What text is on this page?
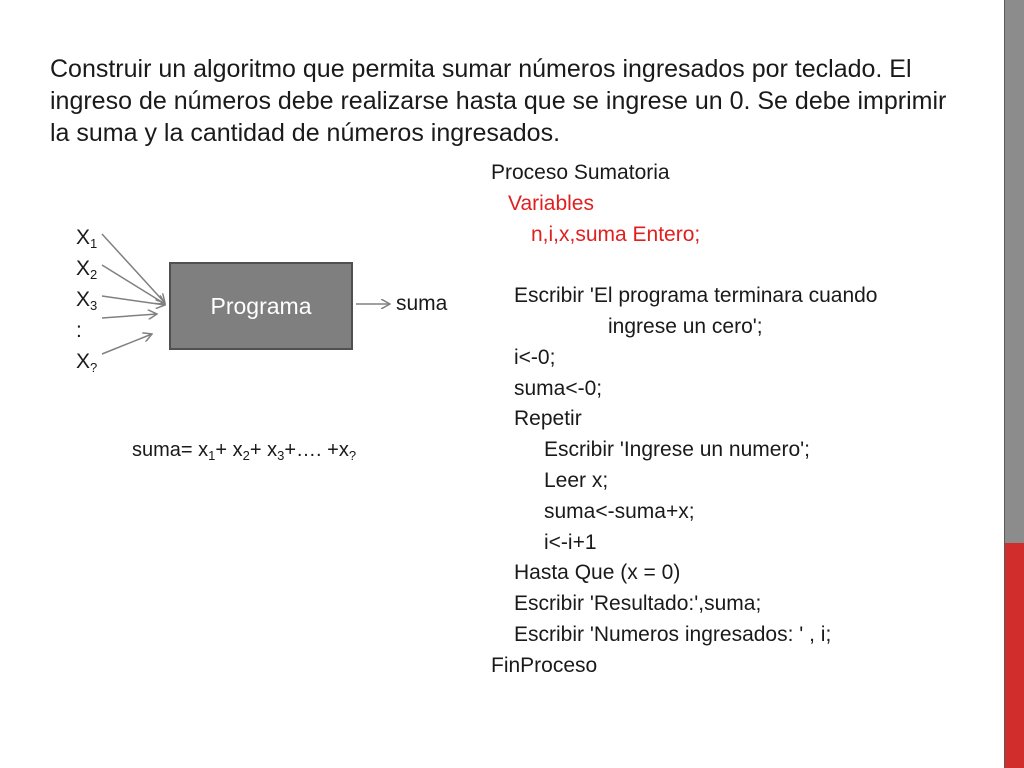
Construir un algoritmo que permita sumar números ingresados por teclado. El
ingreso de números debe realizarse hasta que se ingrese un 0. Se debe imprimir
la suma y la cantidad de números ingresados.
$X_1$
$X_2$
$X_3$
:
$X_?$
Programa	suma
suma= $x_1+ x_2+$ $x_3+\dots$. $+x_?$
Proceso Sumatoria
Variables
n,i,x,suma Entero;
Escribir 'El programa terminara cuando
ingrese un cero';
i<-0;
suma<-0;
Repetir
Escribir 'Ingrese un numero';
Leer x;
suma<-suma+x;
i<-i+1
Hasta Que (x = 0)
Escribir 'Resultado:',suma;
Escribir 'Numeros ingresados: ' , i;
FinProceso
